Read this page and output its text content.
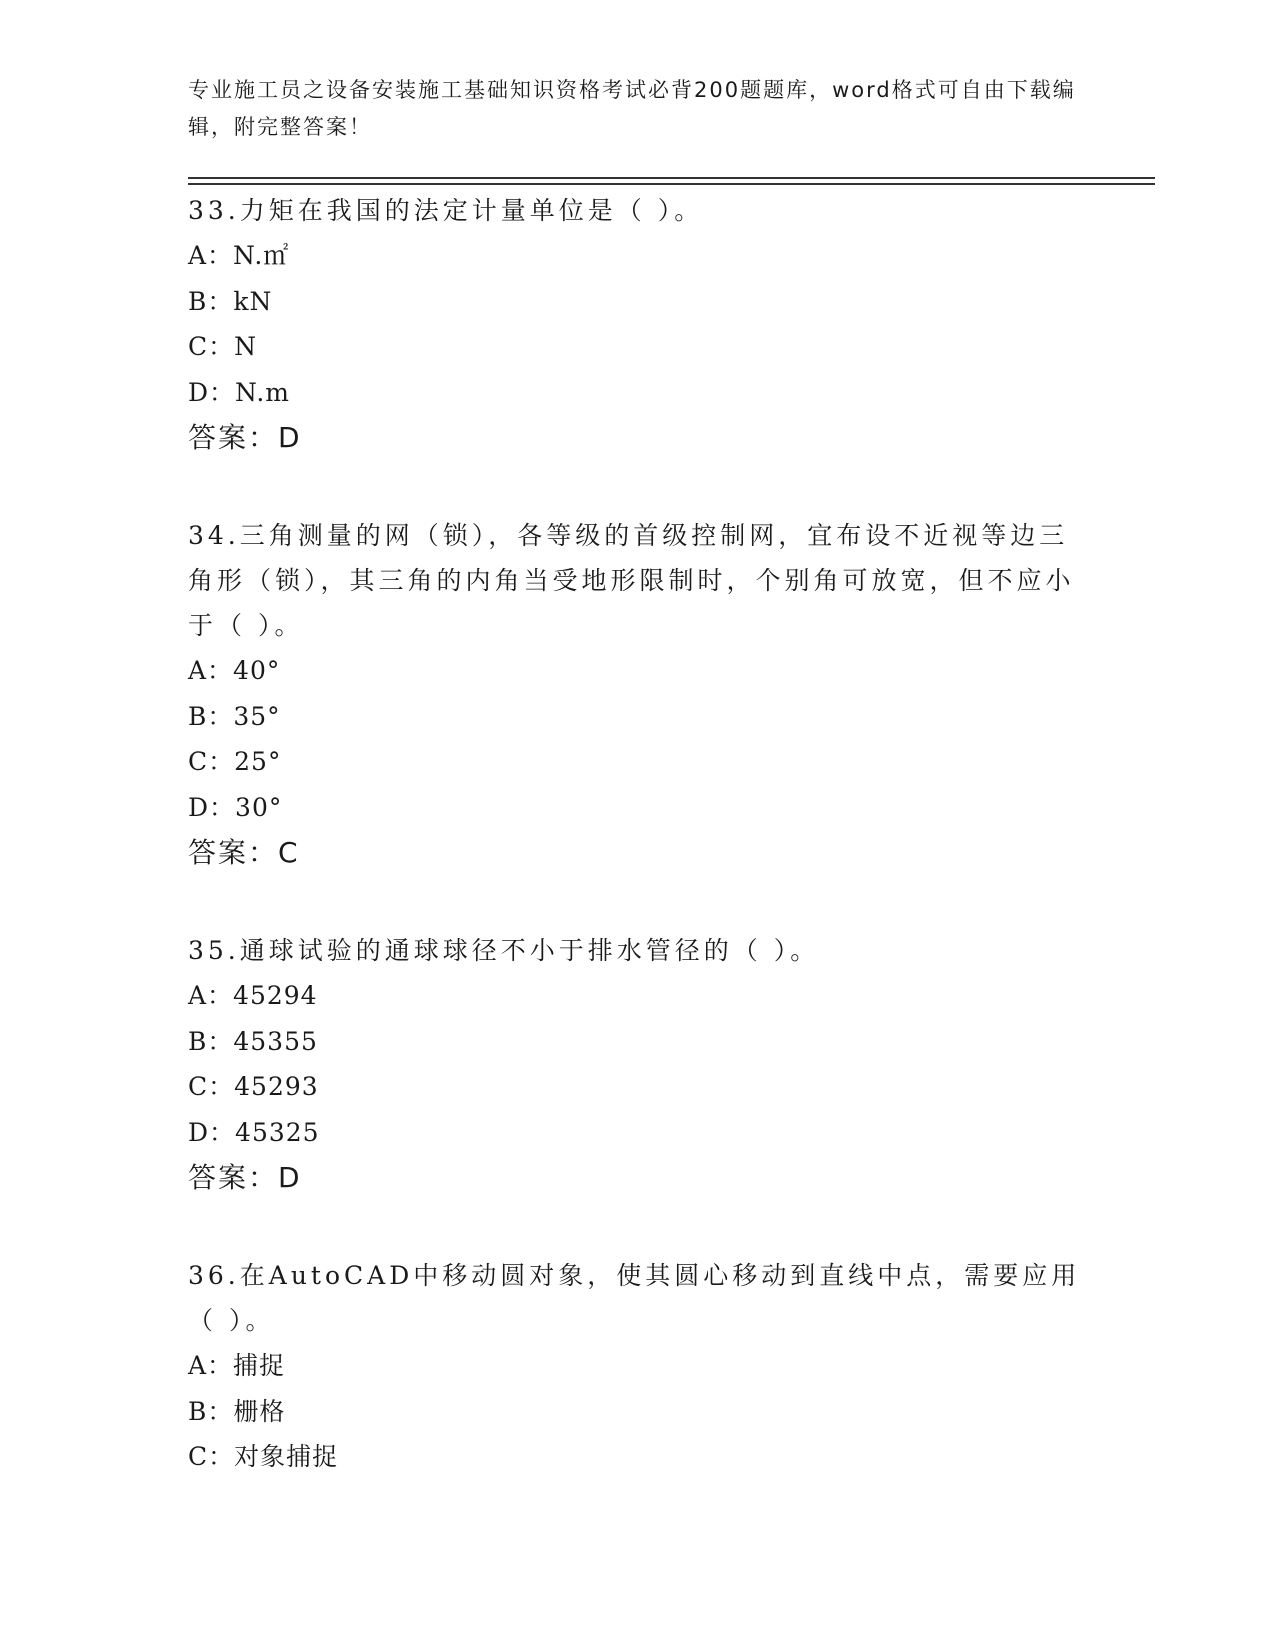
专业施工员之设备安装施工基础知识资格考试必背200题题库，word格式可自由下载编辑，附完整答案！

33.力矩在我国的法定计量单位是（ ）。

A：N.㎡
B：kN
C：N
D：N.m
答案：D

34.三角测量的网（锁），各等级的首级控制网，宜布设不近视等边三角形（锁），其三角的内角当受地形限制时，个别角可放宽，但不应小于（ ）。

A：40°
B：35°
C：25°
D：30°
答案：C

35.通球试验的通球球径不小于排水管径的（ ）。

A：45294
B：45355
C：45293
D：45325
答案：D

36.在AutoCAD中移动圆对象，使其圆心移动到直线中点，需要应用（ ）。

A：捕捉
B：栅格
C：对象捕捉
